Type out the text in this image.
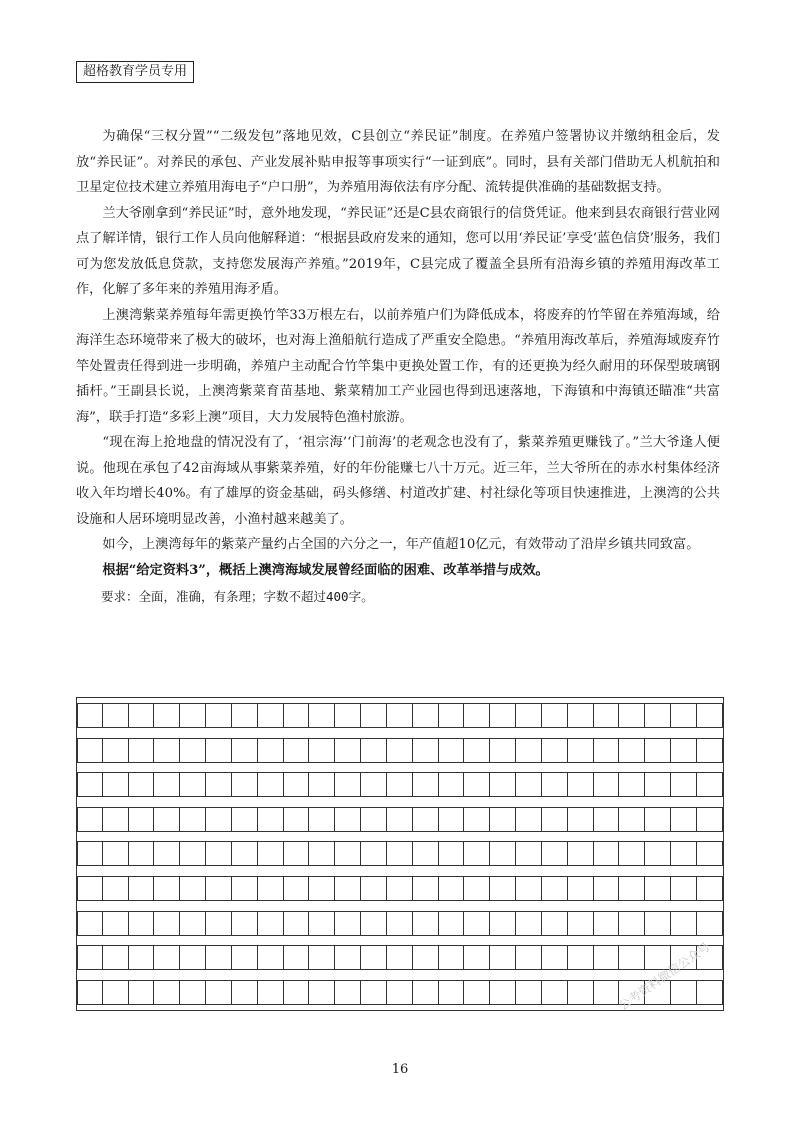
超格教育学员专用

为确保“三权分置”“二级发包”落地见效，C县创立“养民证”制度。在养殖户签署协议并缴纳租金后，发放“养民证”。对养民的承包、产业发展补贴申报等事项实行“一证到底”。同时，县有关部门借助无人机航拍和卫星定位技术建立养殖用海电子“户口册”，为养殖用海依法有序分配、流转提供准确的基础数据支持。

兰大爷刚拿到“养民证”时，意外地发现，“养民证”还是C县农商银行的信贷凭证。他来到县农商银行营业网点了解详情，银行工作人员向他解释道：“根据县政府发来的通知，您可以用‘养民证’享受‘蓝色信贷’服务，我们可为您发放低息贷款，支持您发展海产养殖。”2019年，C县完成了覆盖全县所有沿海乡镇的养殖用海改革工作，化解了多年来的养殖用海矛盾。

上澳湾紫菜养殖每年需更换竹竿33万根左右，以前养殖户们为降低成本，将废弃的竹竿留在养殖海域，给海洋生态环境带来了极大的破坏，也对海上渔船航行造成了严重安全隐患。“养殖用海改革后，养殖海域废弃竹竿处置责任得到进一步明确，养殖户主动配合竹竿集中更换处置工作，有的还更换为经久耐用的环保型玻璃钢插杆。”王副县长说，上澳湾紫菜育苗基地、紫菜精加工产业园也得到迅速落地，下海镇和中海镇还瞄准“共富海”，联手打造“多彩上澳”项目，大力发展特色渔村旅游。

“现在海上抢地盘的情况没有了，‘祖宗海’‘门前海’的老观念也没有了，紫菜养殖更赚钱了。”兰大爷逢人便说。他现在承包了42亩海域从事紫菜养殖，好的年份能赚七八十万元。近三年，兰大爷所在的赤水村集体经济收入年均增长40%。有了雄厚的资金基础，码头修缮、村道改扩建、村社绿化等项目快速推进，上澳湾的公共设施和人居环境明显改善，小渔村越来越美了。

如今，上澳湾每年的紫菜产量约占全国的六分之一，年产值超10亿元，有效带动了沿岸乡镇共同致富。

根据“给定资料3”，概括上澳湾海域发展曾经面临的困难、改革举措与成效。

要求：全面，准确，有条理；字数不超过400字。

16
公考资料微信公众号
